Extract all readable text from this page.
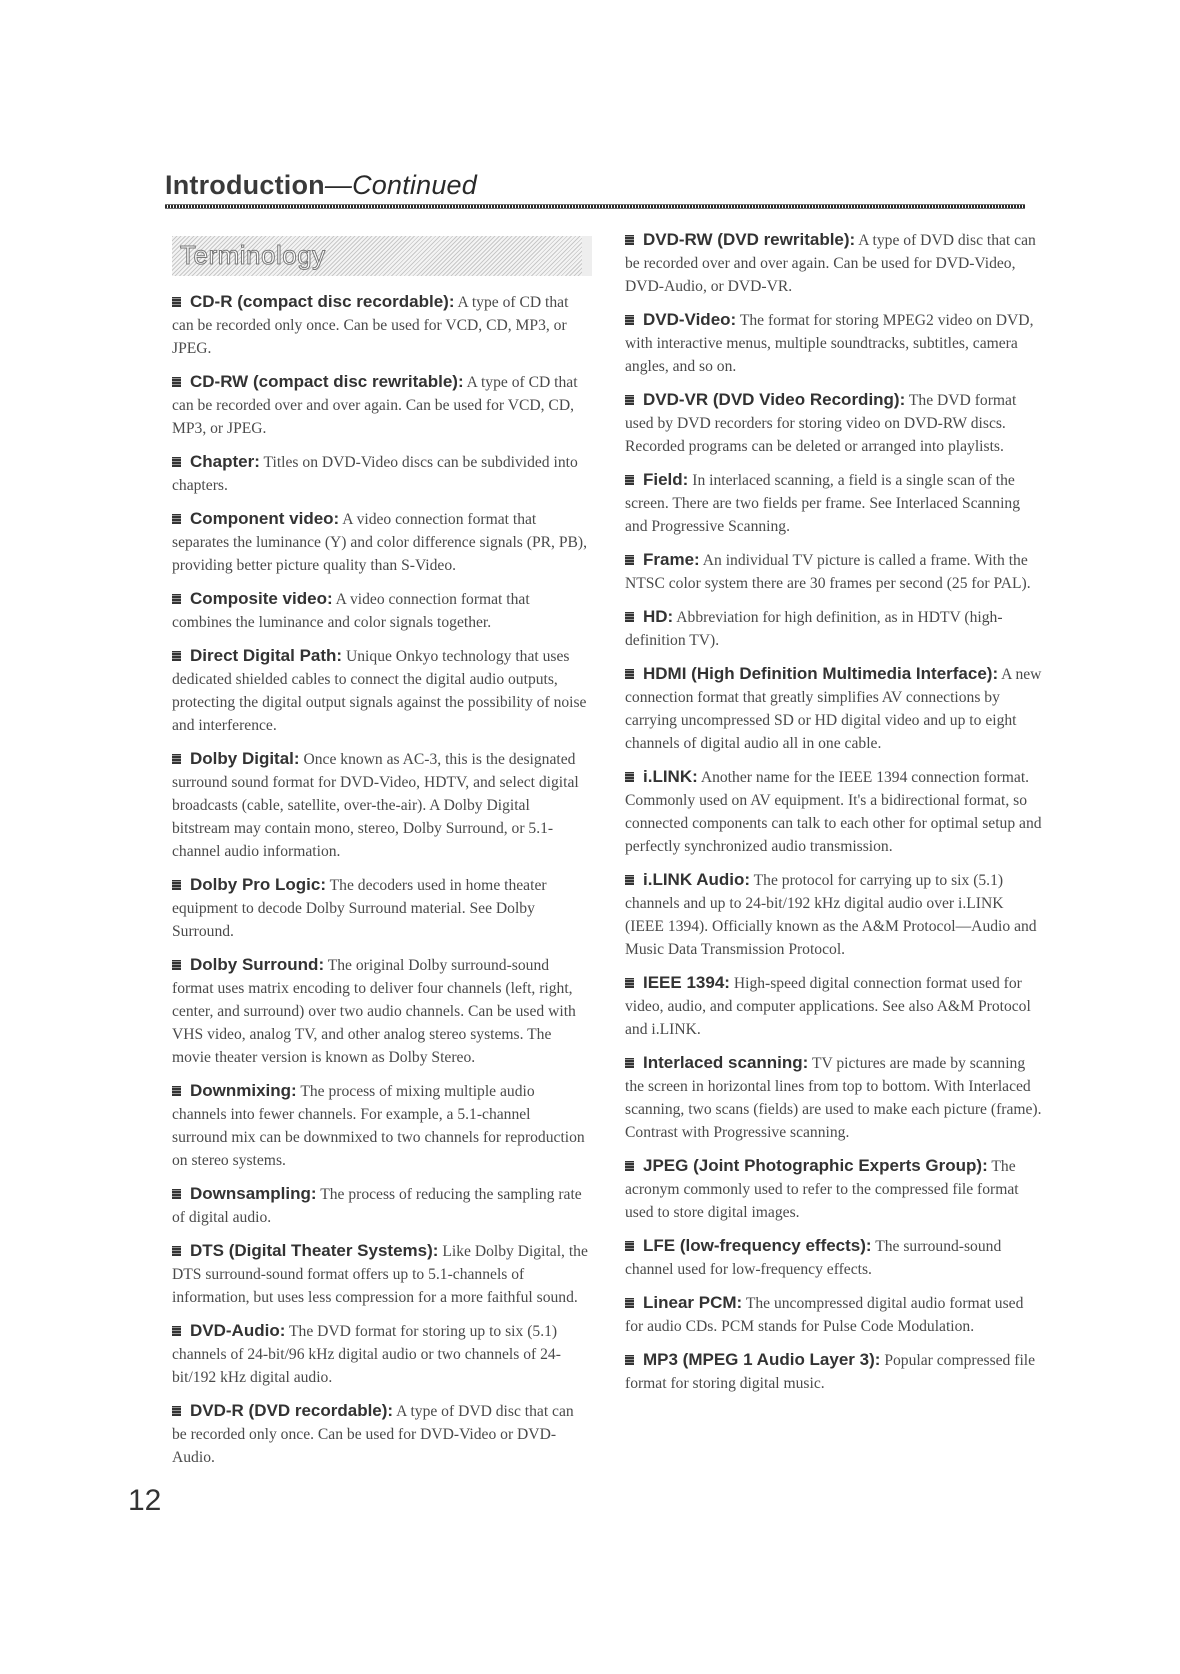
Introduction—Continued
Terminology
CD-R (compact disc recordable): A type of CD that can be recorded only once. Can be used for VCD, CD, MP3, or JPEG.
CD-RW (compact disc rewritable): A type of CD that can be recorded over and over again. Can be used for VCD, CD, MP3, or JPEG.
Chapter: Titles on DVD-Video discs can be subdivided into chapters.
Component video: A video connection format that separates the luminance (Y) and color difference signals (PR, PB), providing better picture quality than S-Video.
Composite video: A video connection format that combines the luminance and color signals together.
Direct Digital Path: Unique Onkyo technology that uses dedicated shielded cables to connect the digital audio outputs, protecting the digital output signals against the possibility of noise and interference.
Dolby Digital: Once known as AC-3, this is the designated surround sound format for DVD-Video, HDTV, and select digital broadcasts (cable, satellite, over-the-air). A Dolby Digital bitstream may contain mono, stereo, Dolby Surround, or 5.1-channel audio information.
Dolby Pro Logic: The decoders used in home theater equipment to decode Dolby Surround material. See Dolby Surround.
Dolby Surround: The original Dolby surround-sound format uses matrix encoding to deliver four channels (left, right, center, and surround) over two audio channels. Can be used with VHS video, analog TV, and other analog stereo systems. The movie theater version is known as Dolby Stereo.
Downmixing: The process of mixing multiple audio channels into fewer channels. For example, a 5.1-channel surround mix can be downmixed to two channels for reproduction on stereo systems.
Downsampling: The process of reducing the sampling rate of digital audio.
DTS (Digital Theater Systems): Like Dolby Digital, the DTS surround-sound format offers up to 5.1-channels of information, but uses less compression for a more faithful sound.
DVD-Audio: The DVD format for storing up to six (5.1) channels of 24-bit/96 kHz digital audio or two channels of 24-bit/192 kHz digital audio.
DVD-R (DVD recordable): A type of DVD disc that can be recorded only once. Can be used for DVD-Video or DVD-Audio.
DVD-RW (DVD rewritable): A type of DVD disc that can be recorded over and over again. Can be used for DVD-Video, DVD-Audio, or DVD-VR.
DVD-Video: The format for storing MPEG2 video on DVD, with interactive menus, multiple soundtracks, subtitles, camera angles, and so on.
DVD-VR (DVD Video Recording): The DVD format used by DVD recorders for storing video on DVD-RW discs. Recorded programs can be deleted or arranged into playlists.
Field: In interlaced scanning, a field is a single scan of the screen. There are two fields per frame. See Interlaced Scanning and Progressive Scanning.
Frame: An individual TV picture is called a frame. With the NTSC color system there are 30 frames per second (25 for PAL).
HD: Abbreviation for high definition, as in HDTV (high-definition TV).
HDMI (High Definition Multimedia Interface): A new connection format that greatly simplifies AV connections by carrying uncompressed SD or HD digital video and up to eight channels of digital audio all in one cable.
i.LINK: Another name for the IEEE 1394 connection format. Commonly used on AV equipment. It's a bidirectional format, so connected components can talk to each other for optimal setup and perfectly synchronized audio transmission.
i.LINK Audio: The protocol for carrying up to six (5.1) channels and up to 24-bit/192 kHz digital audio over i.LINK (IEEE 1394). Officially known as the A&M Protocol—Audio and Music Data Transmission Protocol.
IEEE 1394: High-speed digital connection format used for video, audio, and computer applications. See also A&M Protocol and i.LINK.
Interlaced scanning: TV pictures are made by scanning the screen in horizontal lines from top to bottom. With Interlaced scanning, two scans (fields) are used to make each picture (frame). Contrast with Progressive scanning.
JPEG (Joint Photographic Experts Group): The acronym commonly used to refer to the compressed file format used to store digital images.
LFE (low-frequency effects): The surround-sound channel used for low-frequency effects.
Linear PCM: The uncompressed digital audio format used for audio CDs. PCM stands for Pulse Code Modulation.
MP3 (MPEG 1 Audio Layer 3): Popular compressed file format for storing digital music.
12
